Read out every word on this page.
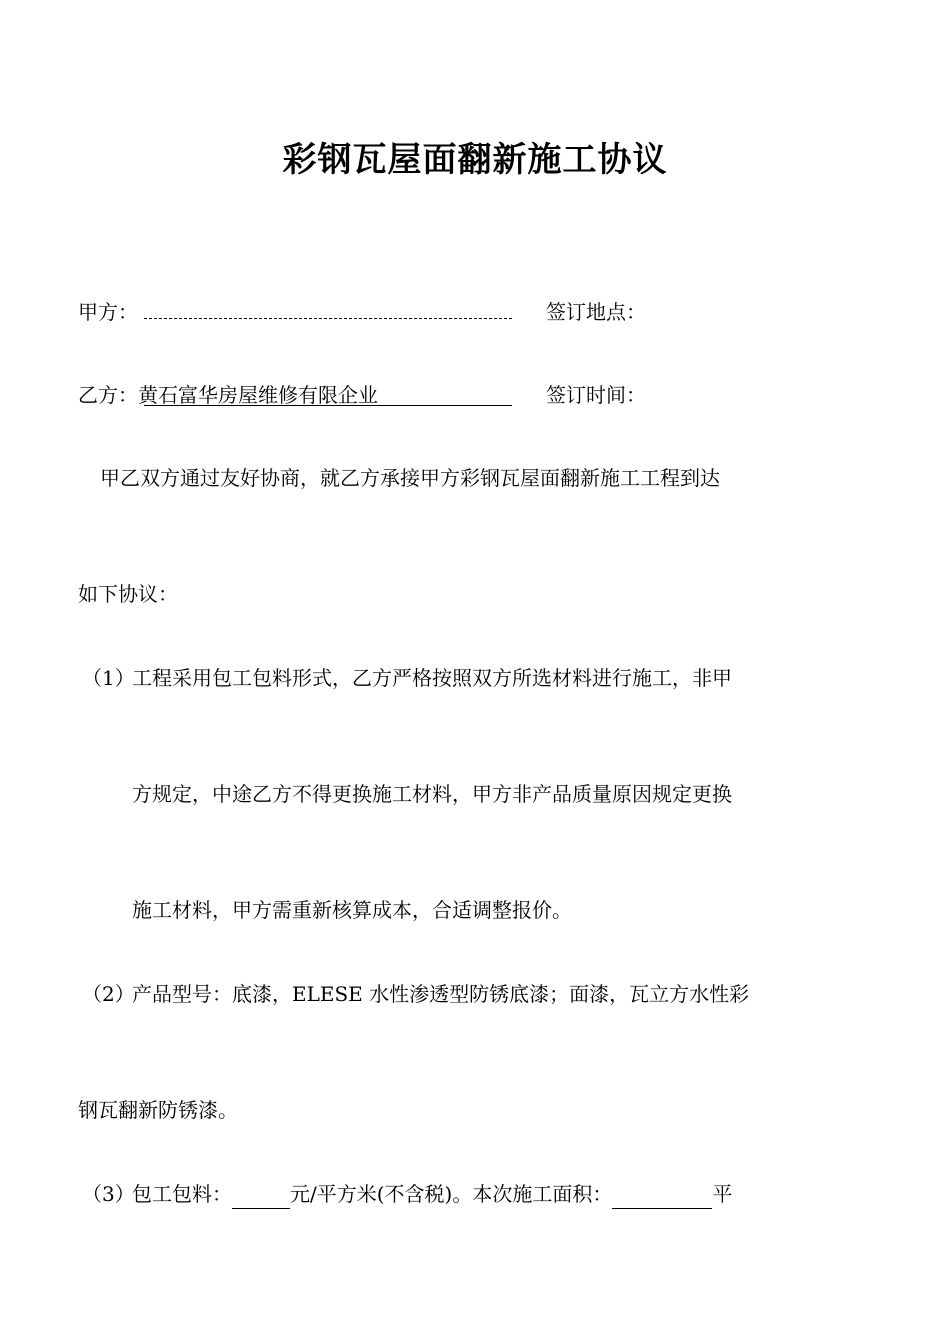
彩钢瓦屋面翻新施工协议
甲方：	签订地点：
乙方：黄石富华房屋维修有限企业	签订时间：
甲乙双方通过友好协商，就乙方承接甲方彩钢瓦屋面翻新施工工程到达
如下协议：
（1）
工程采用包工包料形式，乙方严格按照双方所选材料进行施工，非甲
方规定，中途乙方不得更换施工材料，甲方非产品质量原因规定更换
施工材料，甲方需重新核算成本，合适调整报价。
（2）
产品型号：底漆，ELESE 水性渗透型防锈底漆；面漆，瓦立方水性彩
钢瓦翻新防锈漆。
（3）
包工包料：	元/平方米(不含税)。本次施工面积：	平
